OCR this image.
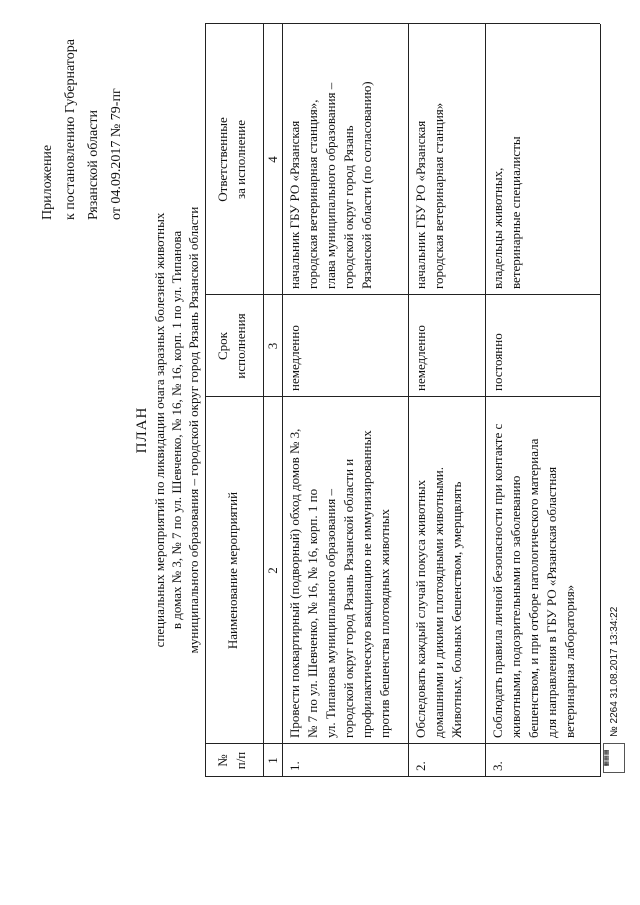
Приложение к постановлению Губернатора Рязанской области от 04.09.2017 № 79-пг
ПЛАН специальных мероприятий по ликвидации очага заразных болезней животных в домах № 3, № 7 по ул. Шевченко, № 16, № 16, корп. 1 по ул. Типанова муниципального образования – городской округ город Рязань Рязанской области
№ п/п
Наименование мероприятий
Срок исполнения
Ответственные за исполнение
1
2
3
4
1.
Провести поквартирный (подворный) обход домов № 3, № 7 по ул. Шевченко, № 16, № 16, корп. 1 по ул. Типанова муниципального образования – городской округ город Рязань Рязанской области и профилактическую вакцинацию не иммунизированных против бешенства плотоядных животных
немедленно
начальник ГБУ РО «Рязанская городская ветеринарная станция», глава муниципального образования – городской округ город Рязань Рязанской области (по согласованию)
2.
Обследовать каждый случай покуса животных домашними и дикими плотоядными животными. Животных, больных бешенством, умерщвлять
немедленно
начальник ГБУ РО «Рязанская городская ветеринарная станция»
3.
Соблюдать правила личной безопасности при контакте с животными, подозрительными по заболеванию бешенством, и при отборе патологического материала для направления в ГБУ РО «Рязанская областная ветеринарная лаборатория»
постоянно
владельцы животных, ветеринарные специалисты
▦▦▦
№ 2264 31.08.2017 13:34:22
